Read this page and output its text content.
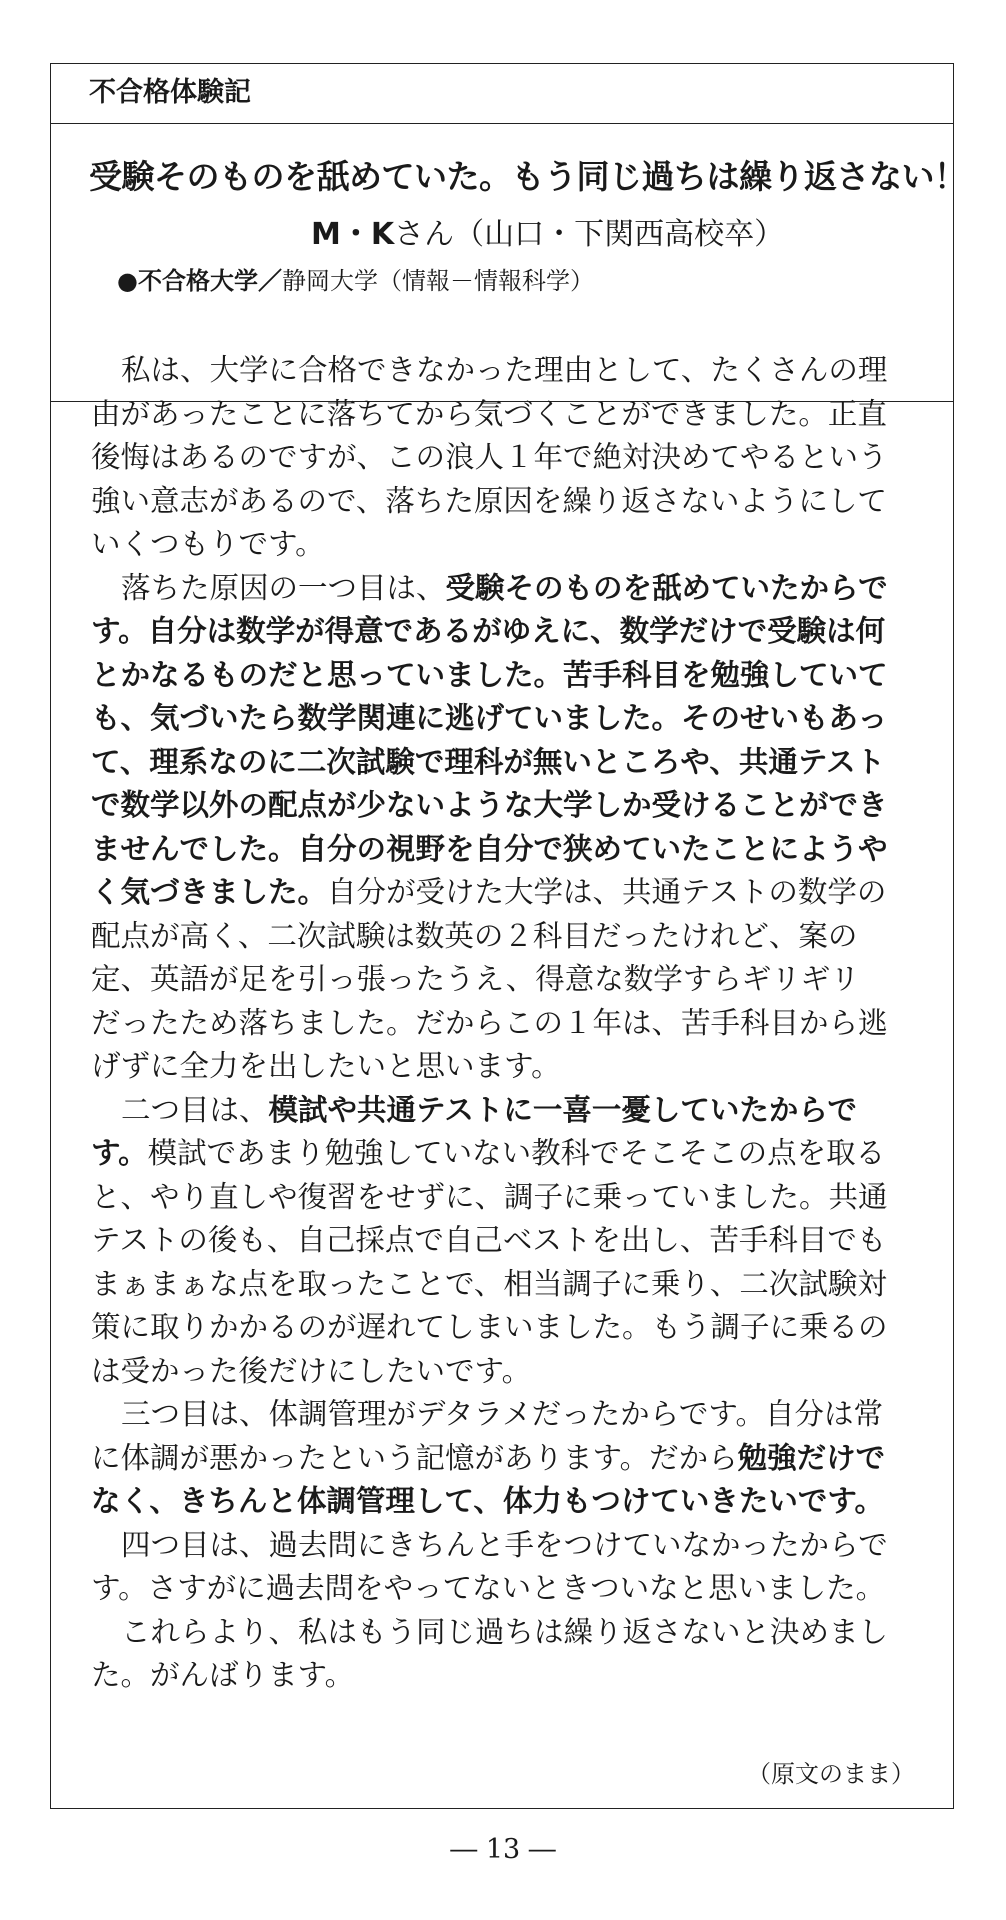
不合格体験記
受験そのものを舐めていた。もう同じ過ちは繰り返さない！
M・Kさん（山口・下関西高校卒）
●不合格大学／静岡大学（情報－情報科学）
私は、大学に合格できなかった理由として、たくさんの理
由があったことに落ちてから気づくことができました。正直
後悔はあるのですが、この浪人１年で絶対決めてやるという
強い意志があるので、落ちた原因を繰り返さないようにして
いくつもりです。
落ちた原因の一つ目は、受験そのものを舐めていたからで
す。自分は数学が得意であるがゆえに、数学だけで受験は何
とかなるものだと思っていました。苦手科目を勉強していて
も、気づいたら数学関連に逃げていました。そのせいもあっ
て、理系なのに二次試験で理科が無いところや、共通テスト
で数学以外の配点が少ないような大学しか受けることができ
ませんでした。自分の視野を自分で狭めていたことにようや
く気づきました。自分が受けた大学は、共通テストの数学の
配点が高く、二次試験は数英の２科目だったけれど、案の
定、英語が足を引っ張ったうえ、得意な数学すらギリギリ
だったため落ちました。だからこの１年は、苦手科目から逃
げずに全力を出したいと思います。
二つ目は、模試や共通テストに一喜一憂していたからで
す。模試であまり勉強していない教科でそこそこの点を取る
と、やり直しや復習をせずに、調子に乗っていました。共通
テストの後も、自己採点で自己ベストを出し、苦手科目でも
まぁまぁな点を取ったことで、相当調子に乗り、二次試験対
策に取りかかるのが遅れてしまいました。もう調子に乗るの
は受かった後だけにしたいです。
三つ目は、体調管理がデタラメだったからです。自分は常
に体調が悪かったという記憶があります。だから勉強だけで
なく、きちんと体調管理して、体力もつけていきたいです。
四つ目は、過去問にきちんと手をつけていなかったからで
す。さすがに過去問をやってないときついなと思いました。
これらより、私はもう同じ過ちは繰り返さないと決めまし
た。がんばります。
（原文のまま）
― 13 ―
